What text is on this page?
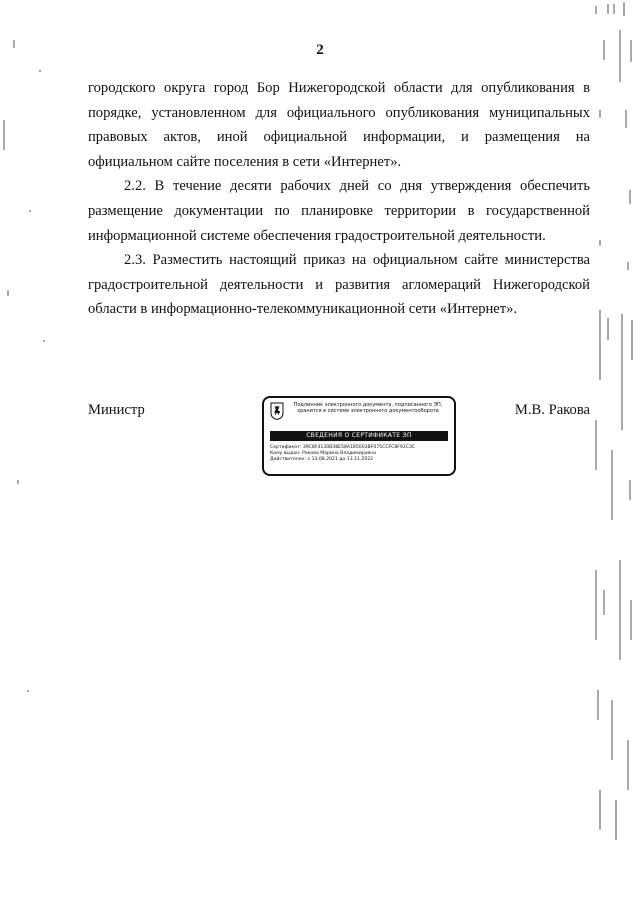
2

городского округа город Бор Нижегородской области для опубликования в порядке, установленном для официального опубликования муниципальных правовых актов, иной официальной информации, и размещения на официальном сайте поселения в сети «Интернет».

2.2. В течение десяти рабочих дней со дня утверждения обеспечить размещение документации по планировке территории в государственной информационной системе обеспечения градостроительной деятельности.

2.3. Разместить настоящий приказ на официальном сайте министерства градостроительной деятельности и развития агломераций Нижегородской области в информационно-телекоммуникационной сети «Интернет».

Министр	Подлинник электронного документа, подписанного ЭП, хранится в системе электронного документооборота
СВЕДЕНИЯ О СЕРТИФИКАТЕ ЭП
Сертификат: 39C8F4130B38E58A185003BF075CCFC8F92C3C
Кому выдан: Ракова Марина Владимировна
Действителен: с 13.08.2021 до 13.11.2022
М.В. Ракова
